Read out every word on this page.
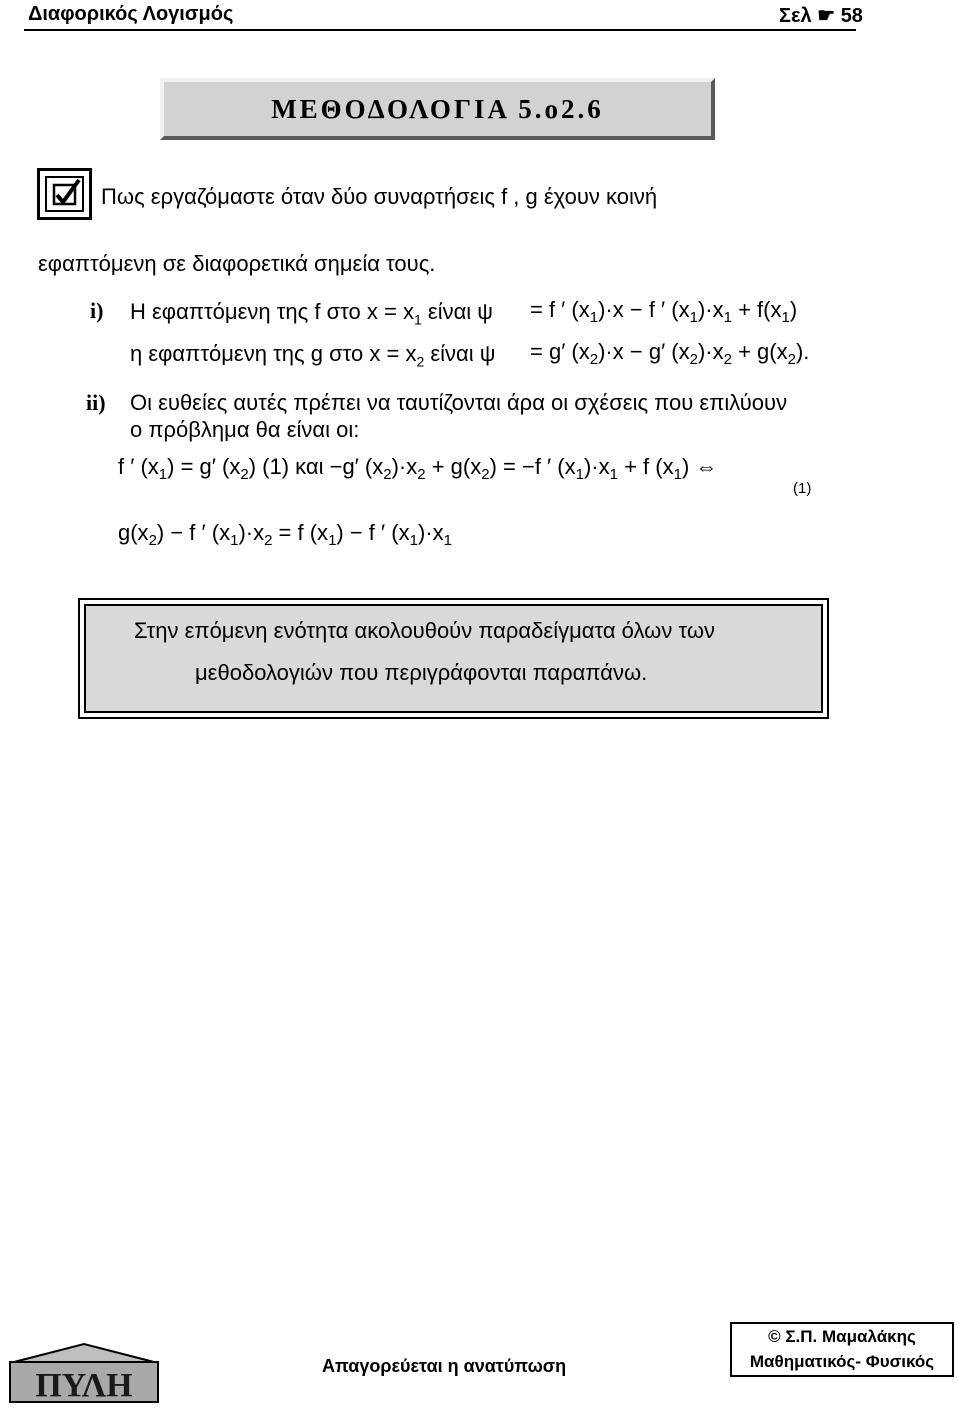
Διαφορικός Λογισμός	Σελ ☛ 58
ΜΕΘΟΔΟΛΟΓΙΑ 5.ο2.6
Πως εργαζόμαστε όταν δύο συναρτήσεις f , g έχουν κοινή
εφαπτόμενη σε διαφορετικά σημεία τους.
i) Η εφαπτόμενη της f στο $x = x_1$ είναι ψ = f ′ $(x_1)\cdot x - f$ ′ $(x_1)\cdot x_1 + f(x_1)$
η εφαπτόμενη της g στο $x = x_2$ είναι ψ = g′ $(x_2)\cdot x - g'$ $(x_2)\cdot x_2 + g(x_2)$.
ii) Οι ευθείες αυτές πρέπει να ταυτίζονται άρα οι σχέσεις που επιλύουν
ο πρόβλημα θα είναι οι:
f ′ $(x_1) = g'$ $(x_2)$ (1) και −g′ $(x_2)\cdot x_2 + g(x_2) = -f$ ′ $(x_1)\cdot x_1 + f$ $(x_1)$ ⇔
(1)
$g(x_2) - f$ ′ $(x_1)\cdot x_2 = f$ $(x_1) - f$ ′ $(x_1)\cdot x_1$
Στην επόμενη ενότητα ακολουθούν παραδείγματα όλων των
μεθοδολογιών που περιγράφονται παραπάνω.
ΠΥΛΗ
Απαγορεύεται η ανατύπωση
© Σ.Π. Μαμαλάκης
Μαθηματικός- Φυσικός
